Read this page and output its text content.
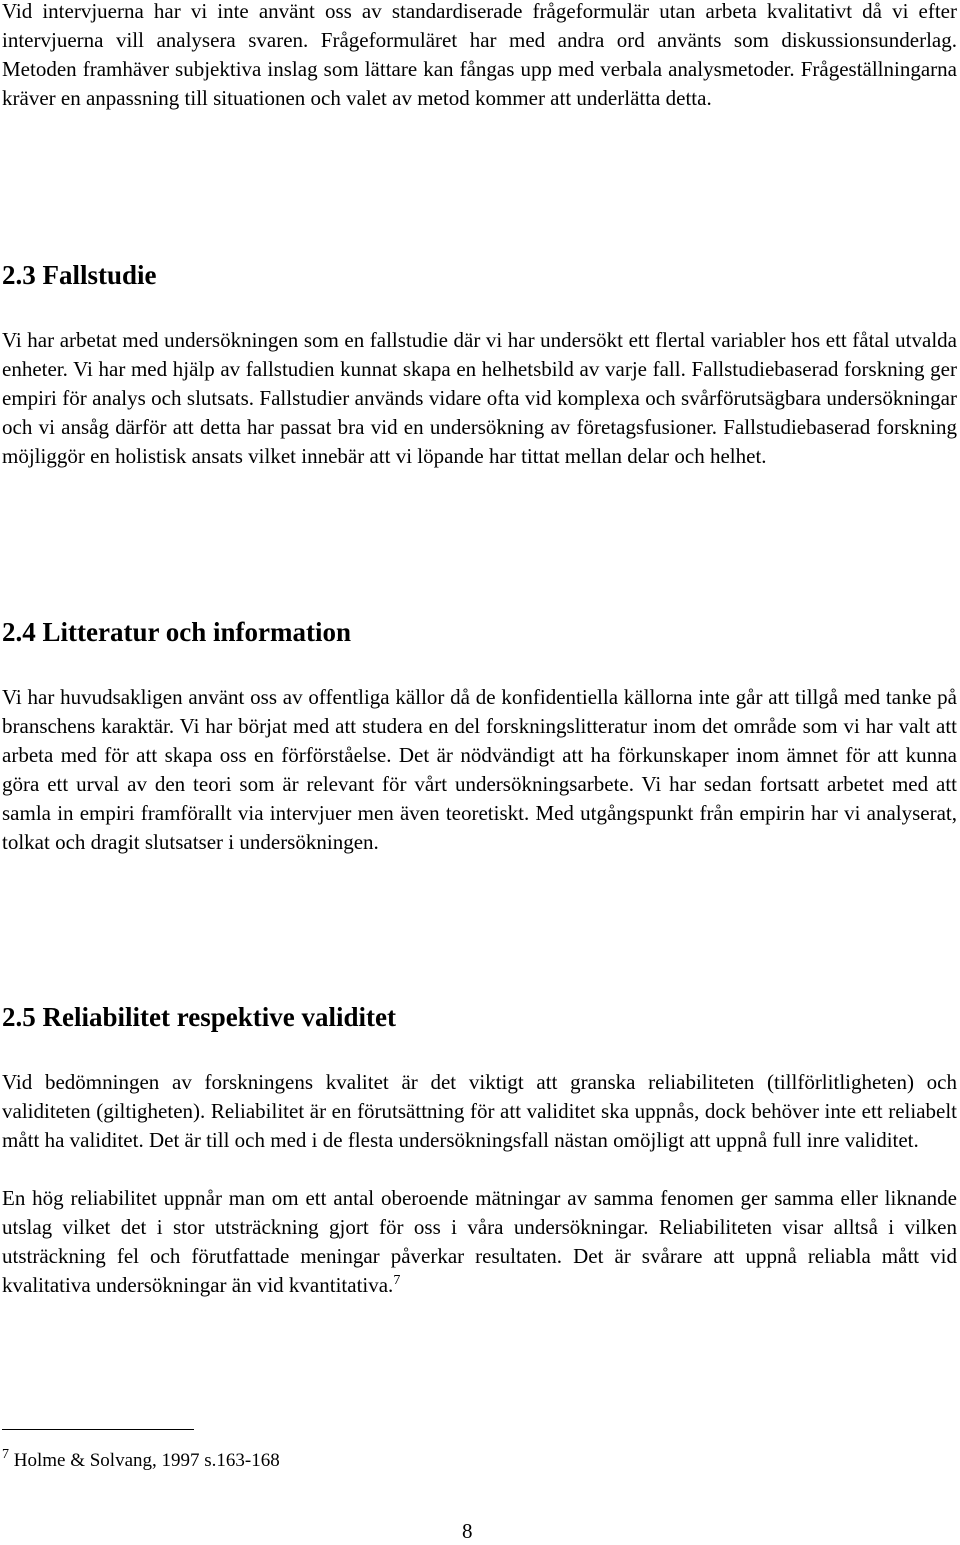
Vid intervjuerna har vi inte använt oss av standardiserade frågeformulär utan arbeta kvalitativt då vi efter intervjuerna vill analysera svaren. Frågeformuläret har med andra ord använts som diskussionsunderlag. Metoden framhäver subjektiva inslag som lättare kan fångas upp med verbala analysmetoder. Frågeställningarna kräver en anpassning till situationen och valet av metod kommer att underlätta detta.

2.3 Fallstudie

Vi har arbetat med undersökningen som en fallstudie där vi har undersökt ett flertal variabler hos ett fåtal utvalda enheter. Vi har med hjälp av fallstudien kunnat skapa en helhetsbild av varje fall. Fallstudiebaserad forskning ger empiri för analys och slutsats. Fallstudier används vidare ofta vid komplexa och svårförutsägbara undersökningar och vi ansåg därför att detta har passat bra vid en undersökning av företagsfusioner. Fallstudiebaserad forskning möjliggör en holistisk ansats vilket innebär att vi löpande har tittat mellan delar och helhet.

2.4 Litteratur och information

Vi har huvudsakligen använt oss av offentliga källor då de konfidentiella källorna inte går att tillgå med tanke på branschens karaktär. Vi har börjat med att studera en del forskningslitteratur inom det område som vi har valt att arbeta med för att skapa oss en förförståelse. Det är nödvändigt att ha förkunskaper inom ämnet för att kunna göra ett urval av den teori som är relevant för vårt undersökningsarbete. Vi har sedan fortsatt arbetet med att samla in empiri framförallt via intervjuer men även teoretiskt. Med utgångspunkt från empirin har vi analyserat, tolkat och dragit slutsatser i undersökningen.

2.5 Reliabilitet respektive validitet

Vid bedömningen av forskningens kvalitet är det viktigt att granska reliabiliteten (tillförlitligheten) och validiteten (giltigheten). Reliabilitet är en förutsättning för att validitet ska uppnås, dock behöver inte ett reliabelt mått ha validitet. Det är till och med i de flesta undersökningsfall nästan omöjligt att uppnå full inre validitet.

En hög reliabilitet uppnår man om ett antal oberoende mätningar av samma fenomen ger samma eller liknande utslag vilket det i stor utsträckning gjort för oss i våra undersökningar. Reliabiliteten visar alltså i vilken utsträckning fel och förutfattade meningar påverkar resultaten. Det är svårare att uppnå reliabla mått vid kvalitativa undersökningar än vid kvantitativa.$^7$

$^7$ Holme & Solvang, 1997 s.163-168

8
